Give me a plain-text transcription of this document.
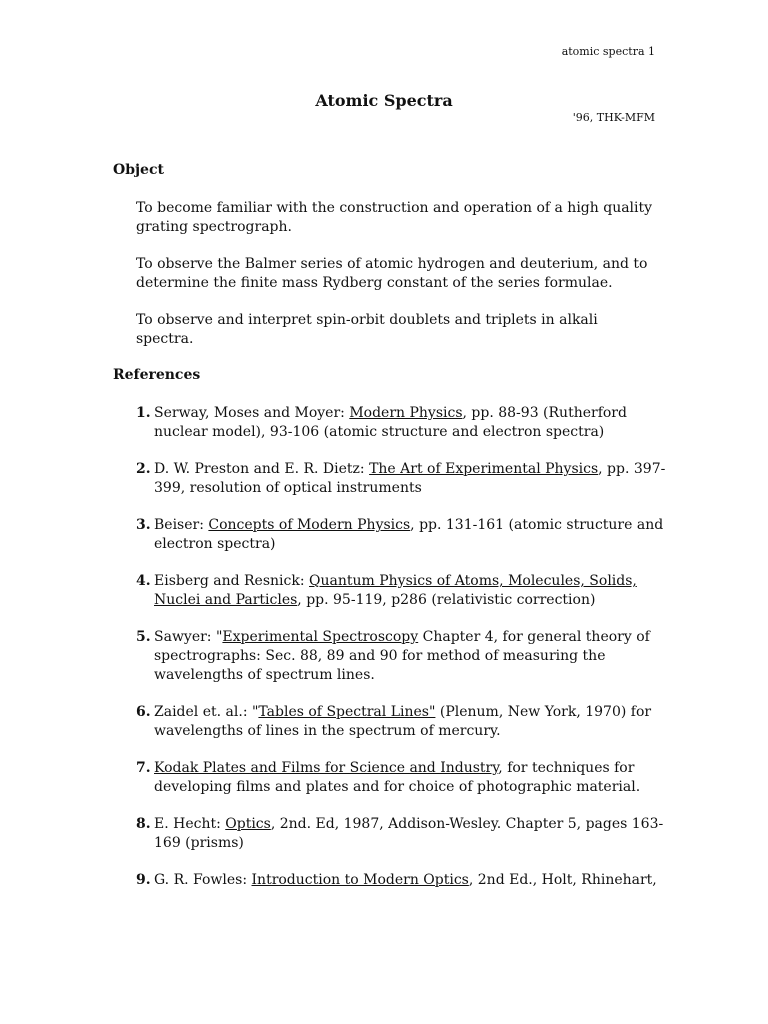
atomic spectra 1
Atomic Spectra
'96, THK-MFM
Object
To become familiar with the construction and operation of a high quality grating spectrograph.
To observe the Balmer series of atomic hydrogen and deuterium, and to determine the finite mass Rydberg constant of the series formulae.
To observe and interpret spin-orbit doublets and triplets in alkali spectra.
References
1. Serway, Moses and Moyer: Modern Physics, pp. 88-93 (Rutherford nuclear model), 93-106 (atomic structure and electron spectra)
2. D. W. Preston and E. R. Dietz: The Art of Experimental Physics, pp. 397-399, resolution of optical instruments
3. Beiser: Concepts of Modern Physics, pp. 131-161 (atomic structure and electron spectra)
4. Eisberg and Resnick: Quantum Physics of Atoms, Molecules, Solids, Nuclei and Particles, pp. 95-119, p286 (relativistic correction)
5. Sawyer: "Experimental Spectroscopy Chapter 4, for general theory of spectrographs: Sec. 88, 89 and 90 for method of measuring the wavelengths of spectrum lines.
6. Zaidel et. al.: "Tables of Spectral Lines" (Plenum, New York, 1970) for wavelengths of lines in the spectrum of mercury.
7. Kodak Plates and Films for Science and Industry, for techniques for developing films and plates and for choice of photographic material.
8. E. Hecht: Optics, 2nd. Ed, 1987, Addison-Wesley. Chapter 5, pages 163-169 (prisms)
9. G. R. Fowles: Introduction to Modern Optics, 2nd Ed., Holt, Rhinehart,
